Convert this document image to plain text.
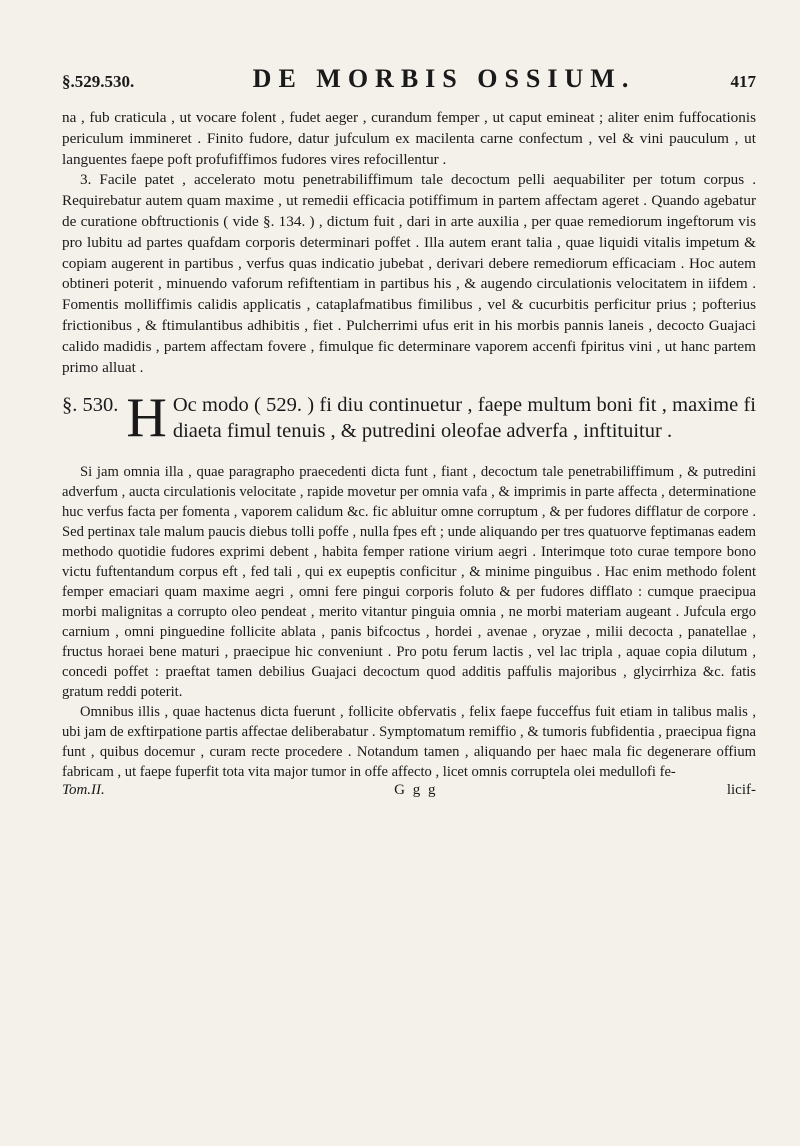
§.529.530.	DE MORBIS OSSIUM.	417

na , fub craticula , ut vocare folent , fudet aeger , curandum femper , ut caput emineat ; aliter enim fuffocationis periculum immineret . Finito fudore, datur jufculum ex macilenta carne confectum , vel & vini pauculum , ut languentes faepe poft profufiffimos fudores vires refocillentur .

3. Facile patet , accelerato motu penetrabiliffimum tale decoctum pelli aequabiliter per totum corpus . Requirebatur autem quam maxime , ut remedii efficacia potiffimum in partem affectam ageret . Quando agebatur de curatione obftructionis ( vide §. 134. ) , dictum fuit , dari in arte auxilia , per quae remediorum ingeftorum vis pro lubitu ad partes quafdam corporis determinari poffet . Illa autem erant talia , quae liquidi vitalis impetum & copiam augerent in partibus , verfus quas indicatio jubebat , derivari debere remediorum efficaciam . Hoc autem obtineri poterit , minuendo vaforum refiftentiam in partibus his , & augendo circulationis velocitatem in iifdem . Fomentis molliffimis calidis applicatis , cataplafmatibus fimilibus , vel & cucurbitis perficitur prius ; pofterius frictionibus , & ftimulantibus adhibitis , fiet . Pulcherrimi ufus erit in his morbis pannis laneis , decocto Guajaci calido madidis , partem affectam fovere , fimulque fic determinare vaporem accenfi fpiritus vini , ut hanc partem primo alluat .

§. 530. H Oc modo ( 529. ) fi diu continuetur , faepe multum boni fit , maxime fi diaeta fimul tenuis , & putredini oleofae adverfa , inftituitur .

Si jam omnia illa , quae paragrapho praecedenti dicta funt , fiant , decoctum tale penetrabiliffimum , & putredini adverfum , aucta circulationis velocitate , rapide movetur per omnia vafa , & imprimis in parte affecta , determinatione huc verfus facta per fomenta , vaporem calidum &c. fic abluitur omne corruptum , & per fudores difflatur de corpore . Sed pertinax tale malum paucis diebus tolli poffe , nulla fpes eft ; unde aliquando per tres quatuorve feptimanas eadem methodo quotidie fudores exprimi debent , habita femper ratione virium aegri . Interimque toto curae tempore bono victu fuftentandum corpus eft , fed tali , qui ex eupeptis conficitur , & minime pinguibus . Hac enim methodo folent femper emaciari quam maxime aegri , omni fere pingui corporis foluto & per fudores difflato : cumque praecipua morbi malignitas a corrupto oleo pendeat , merito vitantur pinguia omnia , ne morbi materiam augeant . Jufcula ergo carnium , omni pinguedine follicite ablata , panis bifcoctus , hordei , avenae , oryzae , milii decocta , panatellae , fructus horaei bene maturi , praecipue hic conveniunt . Pro potu ferum lactis , vel lac tripla , aquae copia dilutum , concedi poffet : praeftat tamen debilius Guajaci decoctum quod additis paffulis majoribus , glycirrhiza &c. fatis gratum reddi poterit.

Omnibus illis , quae hactenus dicta fuerunt , follicite obfervatis , felix faepe fucceffus fuit etiam in talibus malis , ubi jam de exftirpatione partis affectae deliberabatur . Symptomatum remiffio , & tumoris fubfidentia , praecipua figna funt , quibus docemur , curam recte procedere . Notandum tamen , aliquando per haec mala fic degenerare offium fabricam , ut faepe fuperfit tota vita major tumor in offe affecto , licet omnis corruptela olei medullofi fe-

Tom.II.	G g g	licif-
